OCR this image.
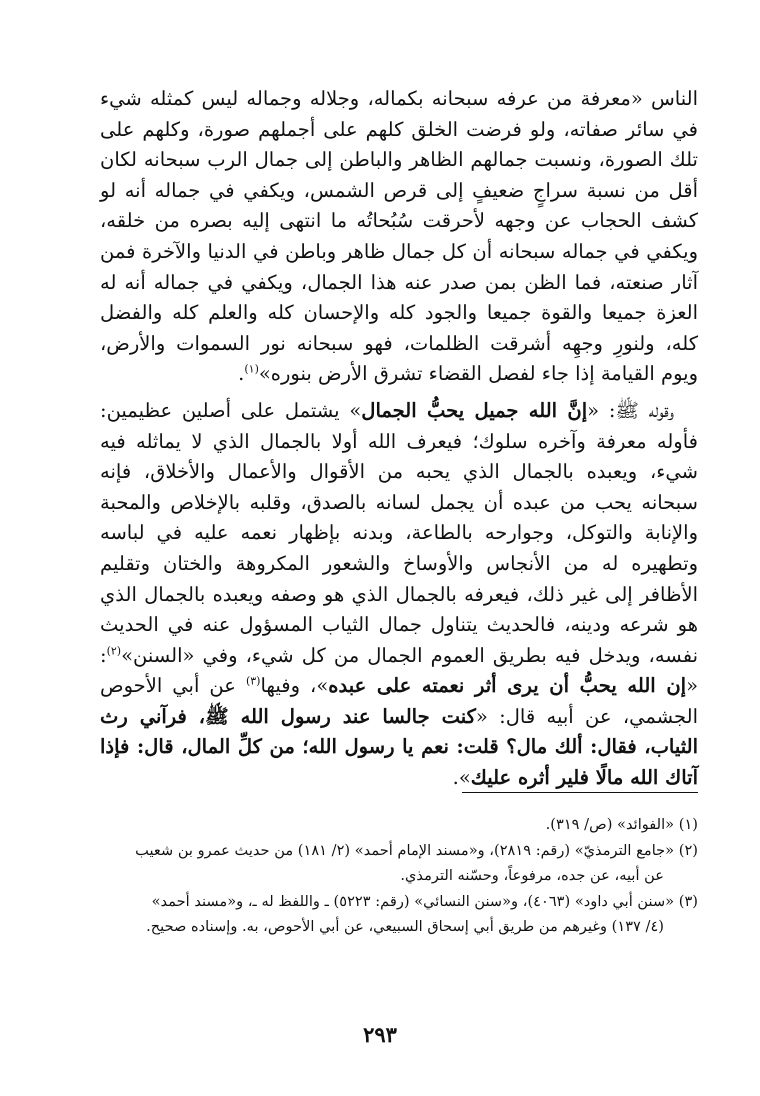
الناس «معرفة من عرفه سبحانه بكماله، وجلاله وجماله ليس كمثله شيء في سائر صفاته، ولو فرضت الخلق كلهم على أجملهم صورة، وكلهم على تلك الصورة، ونسبت جمالهم الظاهر والباطن إلى جمال الرب سبحانه لكان أقل من نسبة سراجٍ ضعيفٍ إلى قرص الشمس، ويكفي في جماله أنه لو كشف الحجاب عن وجهه لأحرقت سُبُحاتُه ما انتهى إليه بصره من خلقه، ويكفي في جماله سبحانه أن كل جمال ظاهر وباطن في الدنيا والآخرة فمن آثار صنعته، فما الظن بمن صدر عنه هذا الجمال، ويكفي في جماله أنه له العزة جميعا والقوة جميعا والجود كله والإحسان كله والعلم كله والفضل كله، ولنورِ وجهِه أشرقت الظلمات، فهو سبحانه نور السموات والأرض، ويوم القيامة إذا جاء لفصل القضاء تشرق الأرض بنوره»$^{(١)}$.

وقوله ﷺ: «إنَّ الله جميل يحبُّ الجمال» يشتمل على أصلين عظيمين: فأوله معرفة وآخره سلوك؛ فيعرف الله أولا بالجمال الذي لا يماثله فيه شيء، ويعبده بالجمال الذي يحبه من الأقوال والأعمال والأخلاق، فإنه سبحانه يحب من عبده أن يجمل لسانه بالصدق، وقلبه بالإخلاص والمحبة والإنابة والتوكل، وجوارحه بالطاعة، وبدنه بإظهار نعمه عليه في لباسه وتطهيره له من الأنجاس والأوساخ والشعور المكروهة والختان وتقليم الأظافر إلى غير ذلك، فيعرفه بالجمال الذي هو وصفه ويعبده بالجمال الذي هو شرعه ودينه، فالحديث يتناول جمال الثياب المسؤول عنه في الحديث نفسه، ويدخل فيه بطريق العموم الجمال من كل شيء، وفي «السنن»$^{(٢)}$: «إن الله يحبُّ أن يرى أثر نعمته على عبده»، وفيها$^{(٣)}$ عن أبي الأحوص الجشمي، عن أبيه قال: «كنت جالسا عند رسول الله ﷺ، فرآني رث الثياب، فقال: ألك مال؟ قلت: نعم يا رسول الله؛ من كلِّ المال، قال: فإذا آتاك الله مالًا فلير أثره عليك».

(١) «الفوائد» (ص/ ٣١٩).

(٢) «جامع الترمذيّ» (رقم: ٢٨١٩)، و«مسند الإمام أحمد» (٢/ ١٨١) من حديث عمرو بن شعيب

عن أبيه، عن جده، مرفوعاً، وحسّنه الترمذي.

(٣) «سنن أبي داود» (٤٠٦٣)، و«سنن النسائي» (رقم: ٥٢٢٣) ـ واللفظ له ـ، و«مسند أحمد»

(٤/ ١٣٧) وغيرهم من طريق أبي إسحاق السبيعي، عن أبي الأحوص، به. وإسناده صحيح.

٢٩٣
